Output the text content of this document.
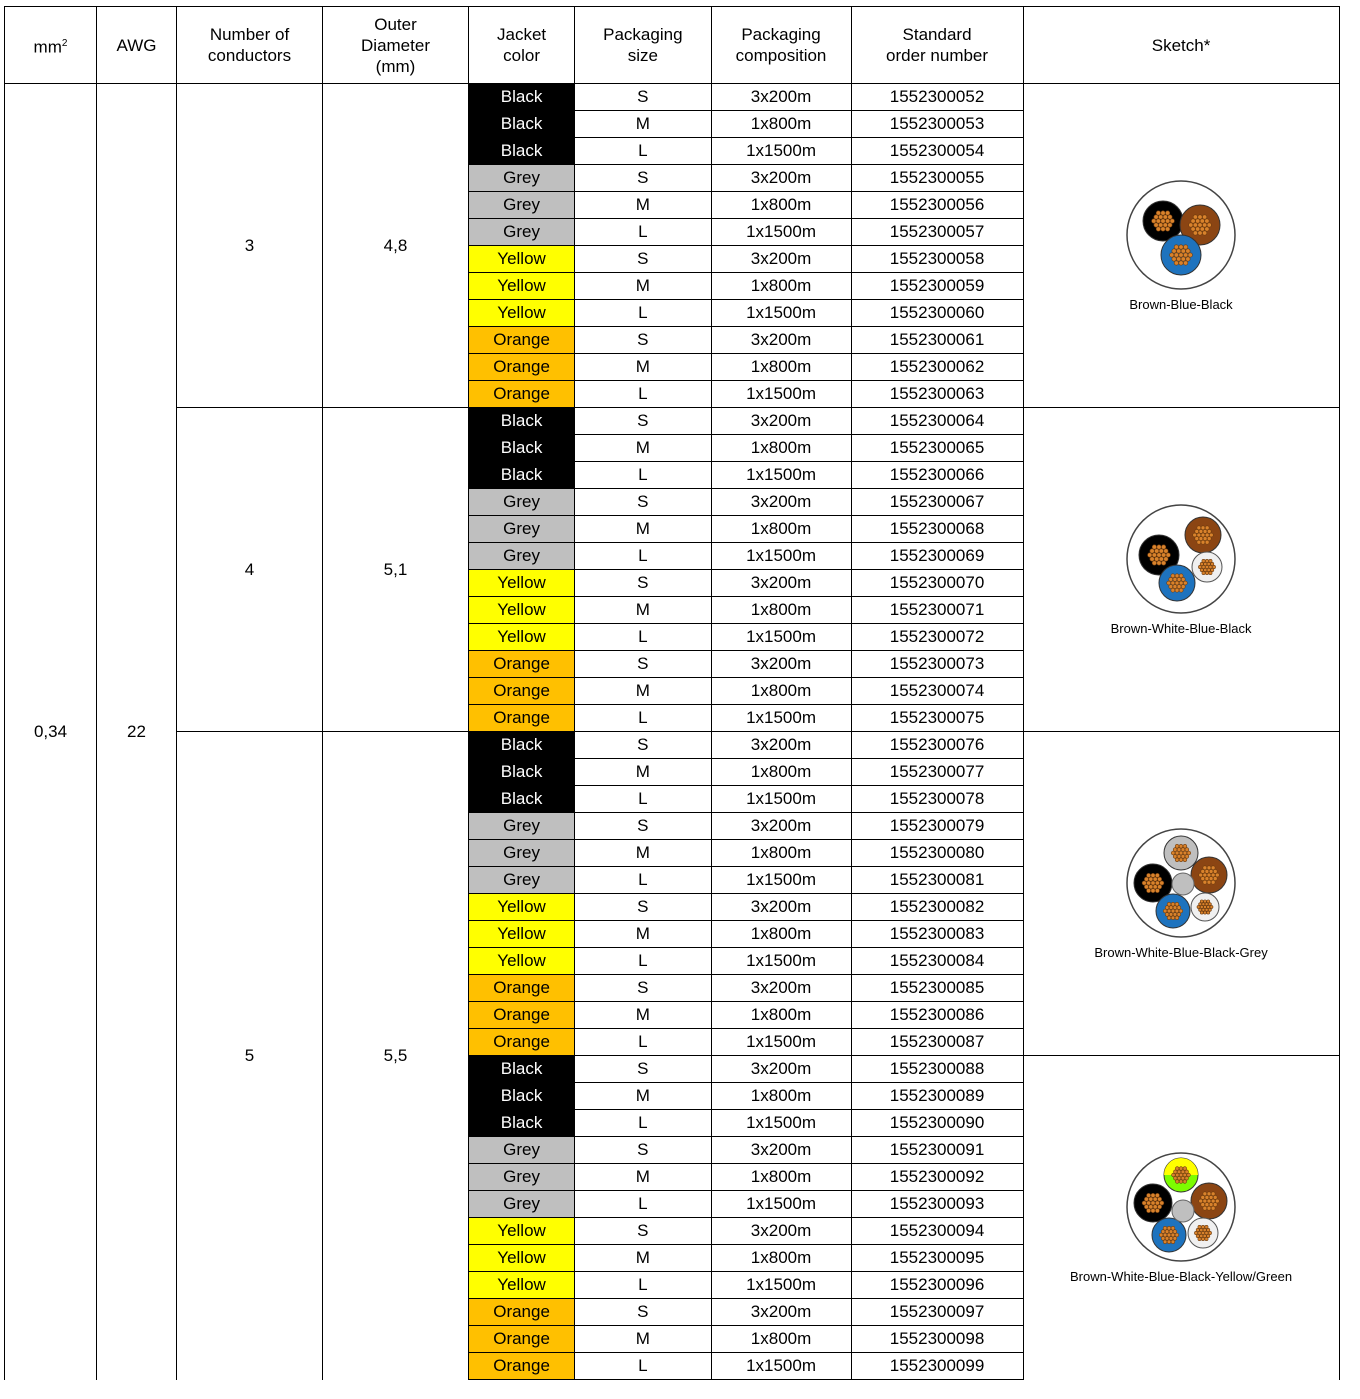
$mm^2$	AWG	Number of conductors	Outer Diameter (mm)	Jacket color	Packaging size	Packaging composition	Standard order number	Sketch*
0,34	22	3	4,8	Black	S	3x200m	1552300052	Brown-Blue-Black

				Black	M	1x800m	1552300053	
				Black	L	1x1500m	1552300054	
				Grey	S	3x200m	1552300055	
				Grey	M	1x800m	1552300056	
				Grey	L	1x1500m	1552300057	
				Yellow	S	3x200m	1552300058	
				Yellow	M	1x800m	1552300059	
				Yellow	L	1x1500m	1552300060	
				Orange	S	3x200m	1552300061	
				Orange	M	1x800m	1552300062	
				Orange	L	1x1500m	1552300063	
		4	5,1	Black	S	3x200m	1552300064	Brown-White-Blue-Black

				Black	M	1x800m	1552300065	
				Black	L	1x1500m	1552300066	
				Grey	S	3x200m	1552300067	
				Grey	M	1x800m	1552300068	
				Grey	L	1x1500m	1552300069	
				Yellow	S	3x200m	1552300070	
				Yellow	M	1x800m	1552300071	
				Yellow	L	1x1500m	1552300072	
				Orange	S	3x200m	1552300073	
				Orange	M	1x800m	1552300074	
				Orange	L	1x1500m	1552300075	
		5	5,5	Black	S	3x200m	1552300076	Brown-White-Blue-Black-Grey

				Black	M	1x800m	1552300077	
				Black	L	1x1500m	1552300078	
				Grey	S	3x200m	1552300079	
				Grey	M	1x800m	1552300080	
				Grey	L	1x1500m	1552300081	
				Yellow	S	3x200m	1552300082	
				Yellow	M	1x800m	1552300083	
				Yellow	L	1x1500m	1552300084	
				Orange	S	3x200m	1552300085	
				Orange	M	1x800m	1552300086	
				Orange	L	1x1500m	1552300087	
				Black	S	3x200m	1552300088	Brown-White-Blue-Black-Yellow/Green

				Black	M	1x800m	1552300089	
				Black	L	1x1500m	1552300090	
				Grey	S	3x200m	1552300091	
				Grey	M	1x800m	1552300092	
				Grey	L	1x1500m	1552300093	
				Yellow	S	3x200m	1552300094	
				Yellow	M	1x800m	1552300095	
				Yellow	L	1x1500m	1552300096	
				Orange	S	3x200m	1552300097	
				Orange	M	1x800m	1552300098	
				Orange	L	1x1500m	1552300099	
